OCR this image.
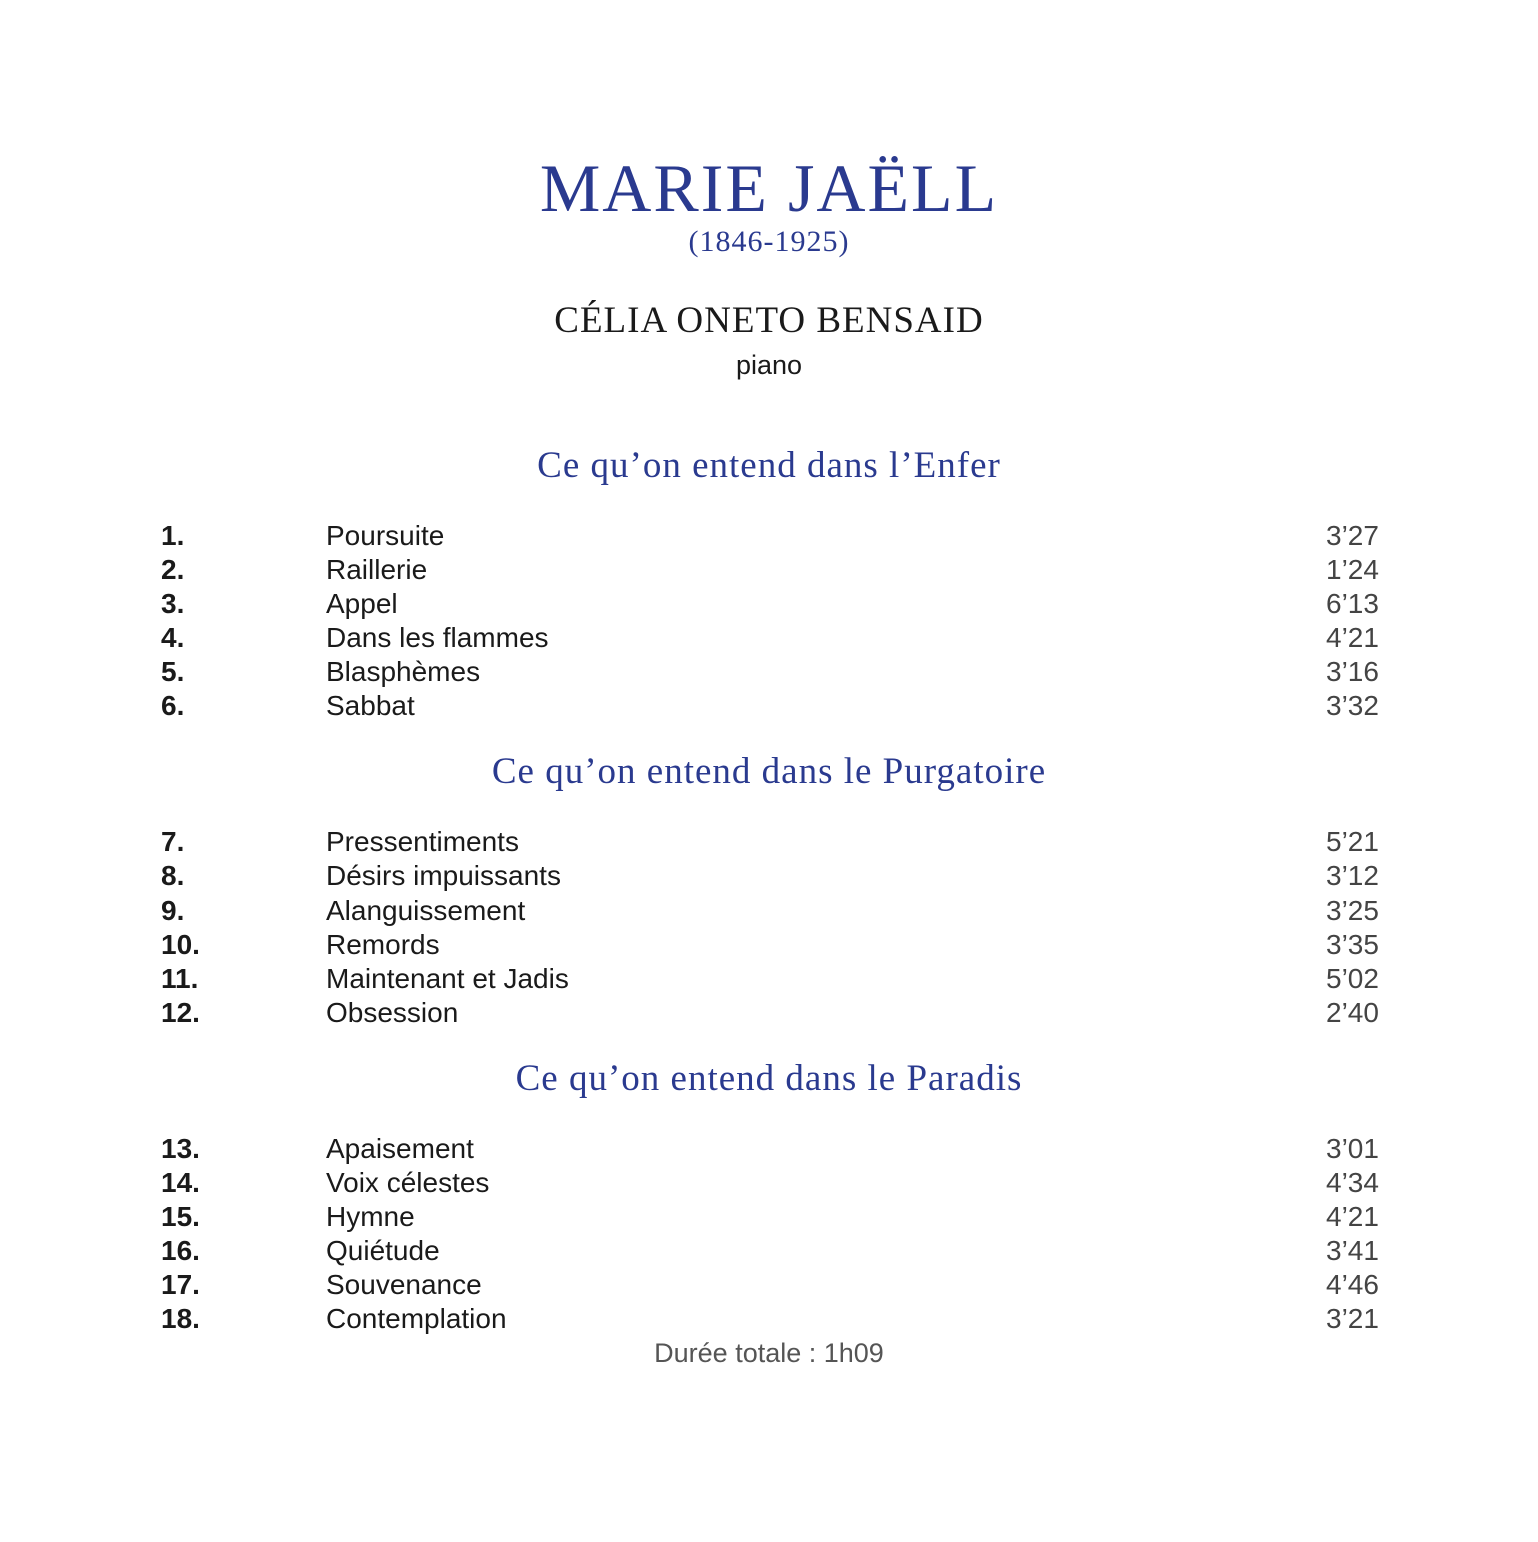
MARIE JAËLL
(1846-1925)
CÉLIA ONETO BENSAID
piano
Ce qu’on entend dans l’Enfer
1.	Poursuite	3’27
2.	Raillerie	1’24
3.	Appel	6’13
4.	Dans les flammes	4’21
5.	Blasphèmes	3’16
6.	Sabbat	3’32
Ce qu’on entend dans le Purgatoire
7.	Pressentiments	5’21
8.	Désirs impuissants	3’12
9.	Alanguissement	3’25
10.	Remords	3’35
11.	Maintenant et Jadis	5’02
12.	Obsession	2’40
Ce qu’on entend dans le Paradis
13.	Apaisement	3’01
14.	Voix célestes	4’34
15.	Hymne	4’21
16.	Quiétude	3’41
17.	Souvenance	4’46
18.	Contemplation	3’21
Durée totale : 1h09
